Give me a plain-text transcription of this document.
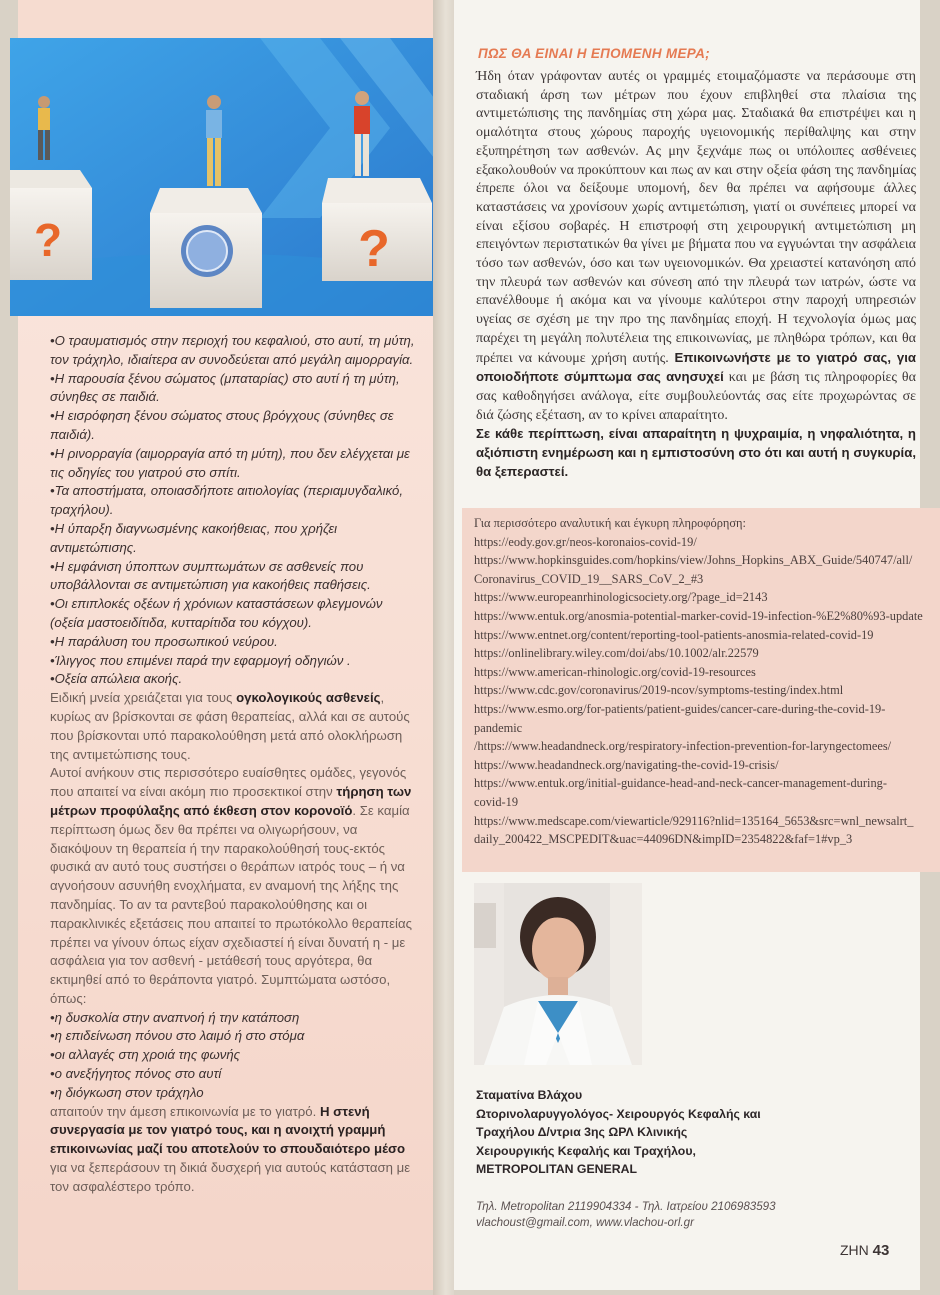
?	?
•Ο τραυματισμός στην περιοχή του κεφαλιού, στο αυτί, τη μύτη, τον τράχηλο, ιδιαίτερα αν συνοδεύεται από μεγάλη αιμορραγία.
•Η παρουσία ξένου σώματος (μπαταρίας) στο αυτί ή τη μύτη, σύνηθες σε παιδιά.
•Η εισρόφηση ξένου σώματος στους βρόγχους (σύνηθες σε παιδιά).
•Η ρινορραγία (αιμορραγία από τη μύτη), που δεν ελέγχεται με τις οδηγίες του γιατρού στο σπίτι.
•Τα αποστήματα, οποιασδήποτε αιτιολογίας (περιαμυγδαλικό, τραχήλου).
•Η ύπαρξη διαγνωσμένης κακοήθειας, που χρήζει αντιμετώπισης.
•Η εμφάνιση ύποπτων συμπτωμάτων σε ασθενείς που υποβάλλονται σε αντιμετώπιση για κακοήθεις παθήσεις.
•Οι επιπλοκές οξέων ή χρόνιων καταστάσεων φλεγμονών (οξεία μαστοειδίτιδα, κυτταρίτιδα του κόγχου).
•Η παράλυση του προσωπικού νεύρου.
•Ίλιγγος που επιμένει παρά την εφαρμογή οδηγιών .
•Οξεία απώλεια ακοής.

Ειδική μνεία χρειάζεται για τους ογκολογικούς ασθενείς, κυρίως αν βρίσκονται σε φάση θεραπείας, αλλά και σε αυτούς που βρίσκονται υπό παρακολούθηση μετά από ολοκλήρωση της αντιμετώπισης τους.

Αυτοί ανήκουν στις περισσότερο ευαίσθητες ομάδες, γεγονός που απαιτεί να είναι ακόμη πιο προσεκτικοί στην τήρηση των μέτρων προφύλαξης από έκθεση στον κορονοϊό. Σε καμία περίπτωση όμως δεν θα πρέπει να ολιγωρήσουν, να διακόψουν τη θεραπεία ή την παρακολούθησή τους-εκτός φυσικά αν αυτό τους συστήσει ο θεράπων ιατρός τους – ή να αγνοήσουν ασυνήθη ενοχλήματα, εν αναμονή της λήξης της πανδημίας. Το αν τα ραντεβού παρακολούθησης και οι παρακλινικές εξετάσεις που απαιτεί το πρωτόκολλο θεραπείας πρέπει να γίνουν όπως είχαν σχεδιαστεί ή είναι δυνατή η - με ασφάλεια για τον ασθενή - μετάθεσή τους αργότερα, θα εκτιμηθεί από το θεράποντα γιατρό. Συμπτώματα ωστόσο, όπως:

•η δυσκολία στην αναπνοή ή την κατάποση
•η επιδείνωση πόνου στο λαιμό ή στο στόμα
•οι αλλαγές στη χροιά της φωνής
•ο ανεξήγητος πόνος στο αυτί
•η διόγκωση στον τράχηλο

απαιτούν την άμεση επικοινωνία με το γιατρό. Η στενή συνεργασία με τον γιατρό τους, και η ανοιχτή γραμμή επικοινωνίας μαζί του αποτελούν το σπουδαιότερο μέσο για να ξεπεράσουν τη δικιά δυσχερή για αυτούς κατάσταση με τον ασφαλέστερο τρόπο.

ΠΩΣ ΘΑ ΕΙΝΑΙ Η ΕΠΟΜΕΝΗ ΜΕΡΑ;
Ήδη όταν γράφονταν αυτές οι γραμμές ετοιμαζόμαστε να περάσουμε στη σταδιακή άρση των μέτρων που έχουν επιβληθεί στα πλαίσια της αντιμετώπισης της πανδημίας στη χώρα μας. Σταδιακά θα επιστρέψει και η ομαλότητα στους χώρους παροχής υγειονομικής περίθαλψης και στην εξυπηρέτηση των ασθενών. Ας μην ξεχνάμε πως οι υπόλοιπες ασθένειες εξακολουθούν να προκύπτουν και πως αν και στην οξεία φάση της πανδημίας έπρεπε όλοι να δείξουμε υπομονή, δεν θα πρέπει να αφήσουμε άλλες καταστάσεις να χρονίσουν χωρίς αντιμετώπιση, γιατί οι συνέπειες μπορεί να είναι εξίσου σοβαρές. Η επιστροφή στη χειρουργική αντιμετώπιση μη επειγόντων περιστατικών θα γίνει με βήματα που να εγγυώνται την ασφάλεια τόσο των ασθενών, όσο και των υγειονομικών. Θα χρειαστεί κατανόηση από την πλευρά των ασθενών και σύνεση από την πλευρά των ιατρών, ώστε να επανέλθουμε ή ακόμα και να γίνουμε καλύτεροι στην παροχή υπηρεσιών υγείας σε σχέση με την προ της πανδημίας εποχή. Η τεχνολογία όμως μας παρέχει τη μεγάλη πολυτέλεια της επικοινωνίας, με πληθώρα τρόπων, και θα πρέπει να κάνουμε χρήση αυτής. Επικοινωνήστε με το γιατρό σας, για οποιοδήποτε σύμπτωμα σας ανησυχεί και με βάση τις πληροφορίες θα σας καθοδηγήσει ανάλογα, είτε συμβουλεύοντάς σας είτε προχωρώντας σε διά ζώσης εξέταση, αν το κρίνει απαραίτητο.
Σε κάθε περίπτωση, είναι απαραίτητη η ψυχραιμία, η νηφαλιότητα, η αξιόπιστη ενημέρωση και η εμπιστοσύνη στο ότι και αυτή η συγκυρία, θα ξεπεραστεί.
Για περισσότερο αναλυτική και έγκυρη πληροφόρηση:
https://eody.gov.gr/neos-koronaios-covid-19/
https://www.hopkinsguides.com/hopkins/view/Johns_Hopkins_ABX_Guide/540747/all/
Coronavirus_COVID_19__SARS_CoV_2_#3
https://www.europeanrhinologicsociety.org/?page_id=2143
https://www.entuk.org/anosmia-potential-marker-covid-19-infection-%E2%80%93-update
https://www.entnet.org/content/reporting-tool-patients-anosmia-related-covid-19
https://onlinelibrary.wiley.com/doi/abs/10.1002/alr.22579
https://www.american-rhinologic.org/covid-19-resources
https://www.cdc.gov/coronavirus/2019-ncov/symptoms-testing/index.html
https://www.esmo.org/for-patients/patient-guides/cancer-care-during-the-covid-19-
pandemic
/https://www.headandneck.org/respiratory-infection-prevention-for-laryngectomees/
https://www.headandneck.org/navigating-the-covid-19-crisis/
https://www.entuk.org/initial-guidance-head-and-neck-cancer-management-during-
covid-19
https://www.medscape.com/viewarticle/929116?nlid=135164_5653&src=wnl_newsalrt_
daily_200422_MSCPEDIT&uac=44096DN&impID=2354822&faf=1#vp_3
Σταματίνα Βλάχου
Ωτορινολαρυγγολόγος- Χειρουργός Κεφαλής και
Τραχήλου Δ/ντρια 3ης ΩΡΛ Κλινικής
Χειρουργικής Κεφαλής και Τραχήλου,
METROPOLITAN GENERAL
Τηλ. Metropolitan 2119904334 - Τηλ. Ιατρείου 2106983593
vlachoust@gmail.com, www.vlachou-orl.gr
ΖΗΝ 43
